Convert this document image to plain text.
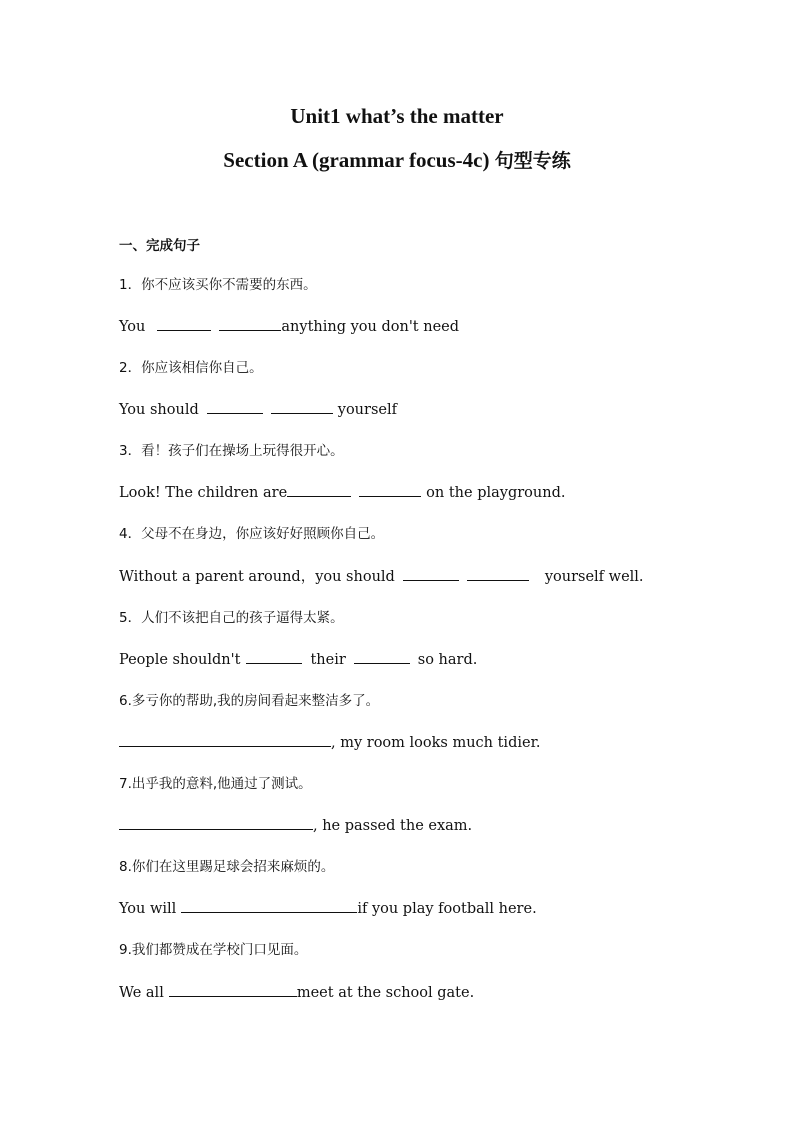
Unit1 what’s the matter
Section A (grammar focus-4c) 句型专练
一、完成句子
1．你不应该买你不需要的东西。
You	anything you don't need
2．你应该相信你自己。
You should	yourself
3．看！孩子们在操场上玩得很开心。
Look! The children are	on the playground.
4．父母不在身边，你应该好好照顾你自己。
Without a parent around，you should	yourself well.
5．人们不该把自己的孩子逼得太紧。
People shouldn't	their	so hard.
6.多亏你的帮助,我的房间看起来整洁多了。
, my room looks much tidier.
7.出乎我的意料,他通过了测试。
, he passed the exam.
8.你们在这里踢足球会招来麻烦的。
You will	if you play football here.
9.我们都赞成在学校门口见面。
We all	meet at the school gate.
